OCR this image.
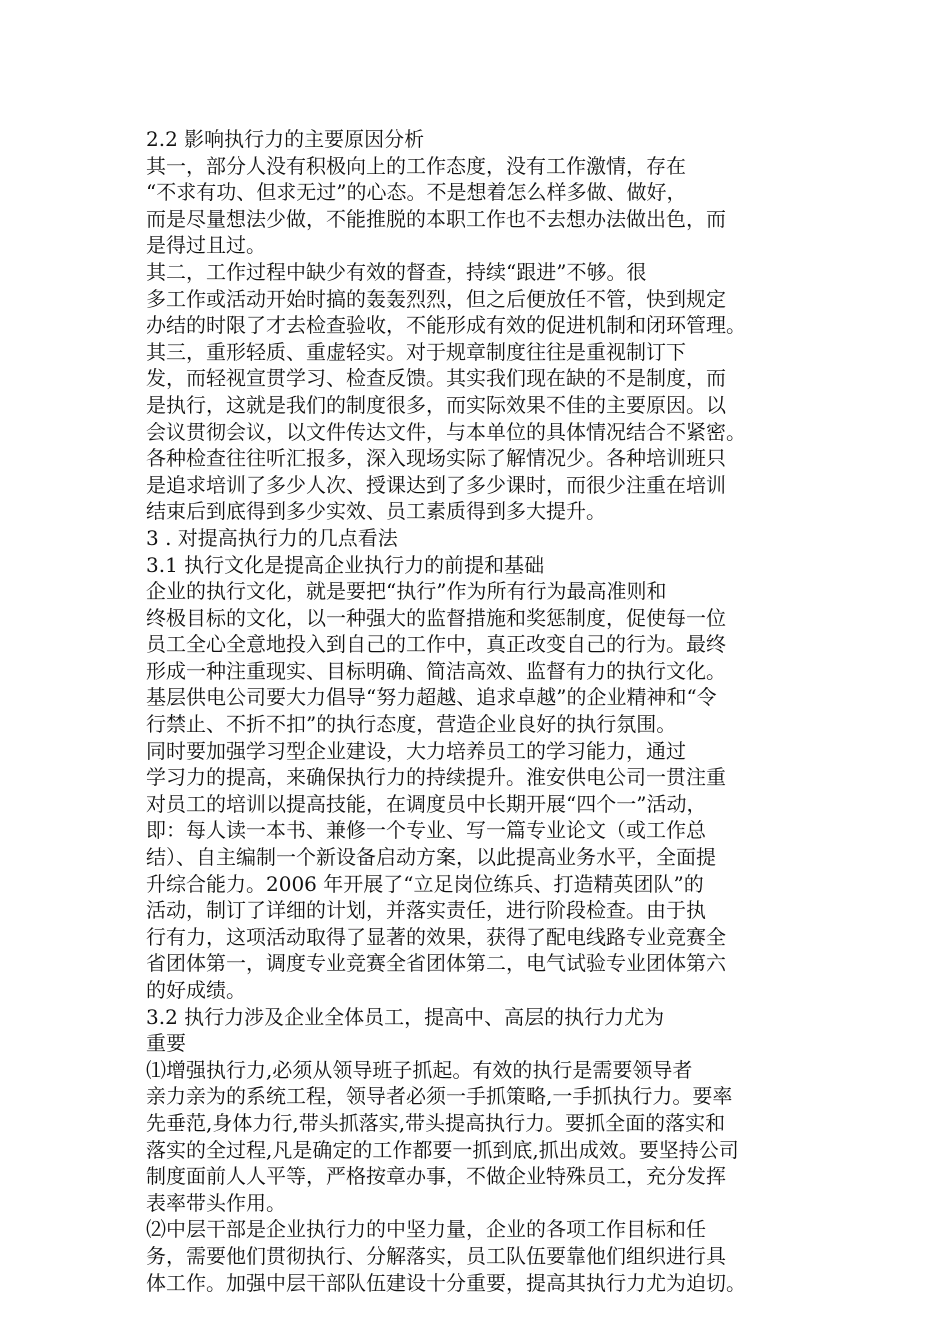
2.2 影响执行力的主要原因分析
其一，部分人没有积极向上的工作态度，没有工作激情，存在
“不求有功、但求无过”的心态。不是想着怎么样多做、做好，
而是尽量想法少做，不能推脱的本职工作也不去想办法做出色，而
是得过且过。
其二，工作过程中缺少有效的督查，持续“跟进”不够。很
多工作或活动开始时搞的轰轰烈烈，但之后便放任不管，快到规定
办结的时限了才去检查验收，不能形成有效的促进机制和闭环管理。
其三，重形轻质、重虚轻实。对于规章制度往往是重视制订下
发，而轻视宣贯学习、检查反馈。其实我们现在缺的不是制度，而
是执行，这就是我们的制度很多，而实际效果不佳的主要原因。以
会议贯彻会议，以文件传达文件，与本单位的具体情况结合不紧密。
各种检查往往听汇报多，深入现场实际了解情况少。各种培训班只
是追求培训了多少人次、授课达到了多少课时，而很少注重在培训
结束后到底得到多少实效、员工素质得到多大提升。
3 . 对提高执行力的几点看法
3.1 执行文化是提高企业执行力的前提和基础
企业的执行文化，就是要把“执行”作为所有行为最高准则和
终极目标的文化，以一种强大的监督措施和奖惩制度，促使每一位
员工全心全意地投入到自己的工作中，真正改变自己的行为。最终
形成一种注重现实、目标明确、简洁高效、监督有力的执行文化。
基层供电公司要大力倡导“努力超越、追求卓越”的企业精神和“令
行禁止、不折不扣”的执行态度，营造企业良好的执行氛围。
同时要加强学习型企业建设，大力培养员工的学习能力，通过
学习力的提高，来确保执行力的持续提升。淮安供电公司一贯注重
对员工的培训以提高技能，在调度员中长期开展“四个一”活动，
即：每人读一本书、兼修一个专业、写一篇专业论文（或工作总
结）、自主编制一个新设备启动方案，以此提高业务水平，全面提
升综合能力。2006 年开展了“立足岗位练兵、打造精英团队”的
活动，制订了详细的计划，并落实责任，进行阶段检查。由于执
行有力，这项活动取得了显著的效果，获得了配电线路专业竞赛全
省团体第一，调度专业竞赛全省团体第二，电气试验专业团体第六
的好成绩。
3.2 执行力涉及企业全体员工，提高中、高层的执行力尤为
重要
⑴增强执行力,必须从领导班子抓起。有效的执行是需要领导者
亲力亲为的系统工程，领导者必须一手抓策略,一手抓执行力。要率
先垂范,身体力行,带头抓落实,带头提高执行力。要抓全面的落实和
落实的全过程,凡是确定的工作都要一抓到底,抓出成效。要坚持公司
制度面前人人平等，严格按章办事，不做企业特殊员工，充分发挥
表率带头作用。
⑵中层干部是企业执行力的中坚力量，企业的各项工作目标和任
务，需要他们贯彻执行、分解落实，员工队伍要靠他们组织进行具
体工作。加强中层干部队伍建设十分重要，提高其执行力尤为迫切。
